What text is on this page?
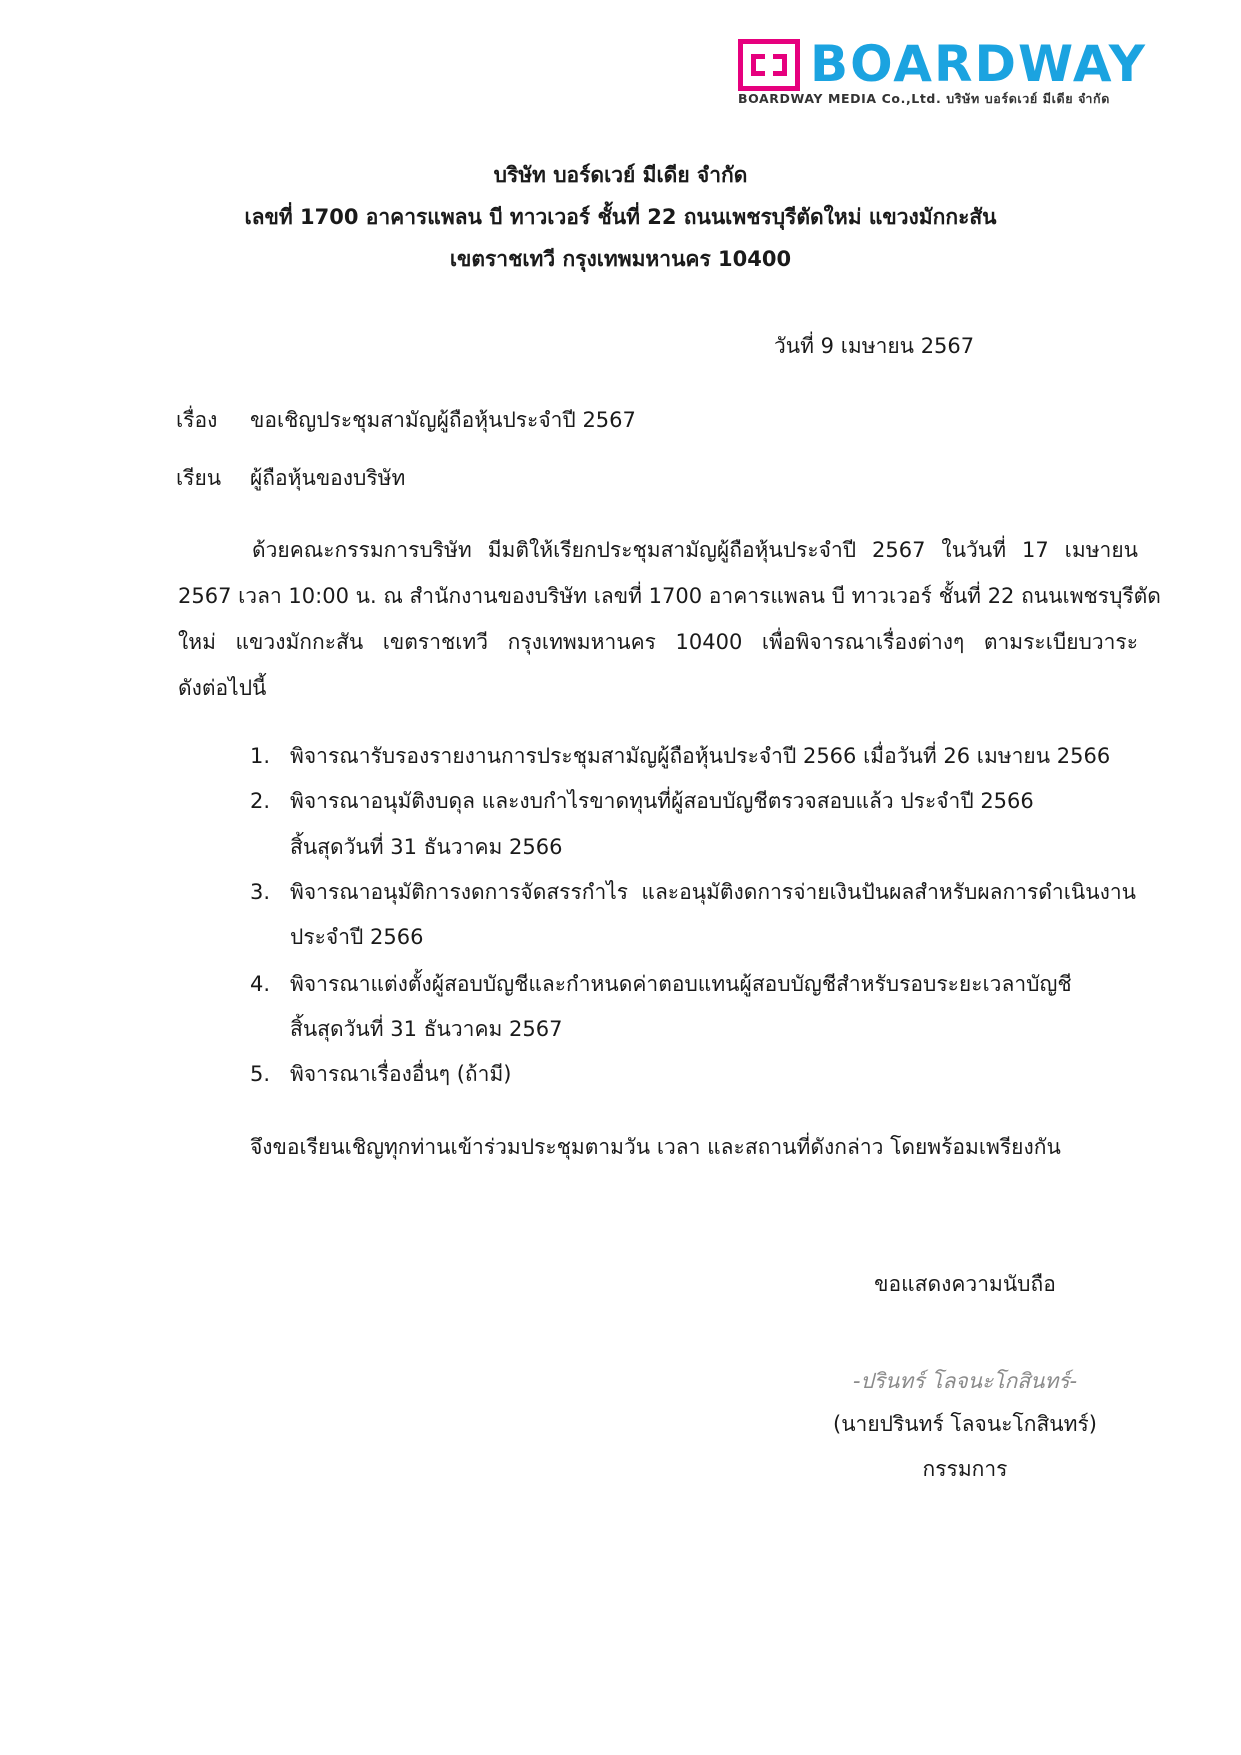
BOARDWAY
BOARDWAY MEDIA Co.,Ltd. บริษัท บอร์ดเวย์ มีเดีย จำกัด
บริษัท บอร์ดเวย์ มีเดีย จำกัด
เลขที่ 1700 อาคารแพลน บี ทาวเวอร์ ชั้นที่ 22 ถนนเพชรบุรีตัดใหม่ แขวงมักกะสัน
เขตราชเทวี กรุงเทพมหานคร 10400
วันที่ 9 เมษายน 2567
เรื่อง ขอเชิญประชุมสามัญผู้ถือหุ้นประจำปี 2567
เรียน ผู้ถือหุ้นของบริษัท
ด้วยคณะกรรมการบริษัท มีมติให้เรียกประชุมสามัญผู้ถือหุ้นประจำปี 2567 ในวันที่ 17 เมษายน
2567 เวลา 10:00 น. ณ สำนักงานของบริษัท เลขที่ 1700 อาคารแพลน บี ทาวเวอร์ ชั้นที่ 22 ถนนเพชรบุรีตัด
ใหม่ แขวงมักกะสัน เขตราชเทวี กรุงเทพมหานคร 10400 เพื่อพิจารณาเรื่องต่างๆ ตามระเบียบวาระ
ดังต่อไปนี้
1. พิจารณารับรองรายงานการประชุมสามัญผู้ถือหุ้นประจำปี 2566 เมื่อวันที่ 26 เมษายน 2566
2. พิจารณาอนุมัติงบดุล และงบกำไรขาดทุนที่ผู้สอบบัญชีตรวจสอบแล้ว ประจำปี 2566
สิ้นสุดวันที่ 31 ธันวาคม 2566
3. พิจารณาอนุมัติการงดการจัดสรรกำไร และอนุมัติงดการจ่ายเงินปันผลสำหรับผลการดำเนินงาน
ประจำปี 2566
4. พิจารณาแต่งตั้งผู้สอบบัญชีและกำหนดค่าตอบแทนผู้สอบบัญชีสำหรับรอบระยะเวลาบัญชี
สิ้นสุดวันที่ 31 ธันวาคม 2567
5. พิจารณาเรื่องอื่นๆ (ถ้ามี)
จึงขอเรียนเชิญทุกท่านเข้าร่วมประชุมตามวัน เวลา และสถานที่ดังกล่าว โดยพร้อมเพรียงกัน
ขอแสดงความนับถือ
-ปรินทร์ โลจนะโกสินทร์-
(นายปรินทร์ โลจนะโกสินทร์)
กรรมการ
